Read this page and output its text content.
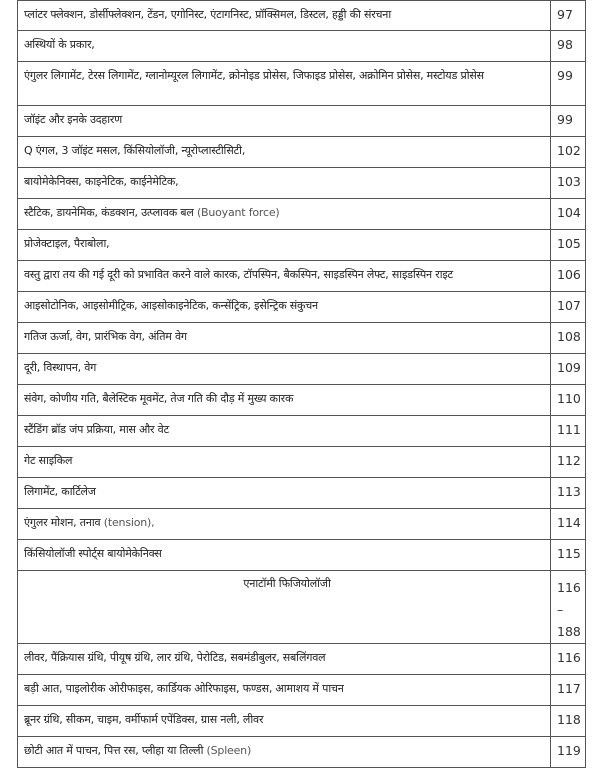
प्लांटर फ्लेक्शन, डोर्सीफ्लेक्शन, टेंडन, एगोनिस्ट, एंटागनिस्ट, प्रॉक्सिमल, डिस्टल, हड्डी की संरचना	97
अस्थियों के प्रकार,	98
एंगुलर लिगामेंट, टेरस लिगामेंट, ग्लानोम्यूरल लिगामेंट, क्रोनोइड प्रोसेस, जिफाइड प्रोसेस, अक्रोमिन प्रोसेस, मस्टोयड प्रोसेस	99
जॉइंट और इनके उदहारण	99
Q एंगल, 3 जॉइंट मसल, किंसियोलॉजी, न्यूरोप्लास्टीसिटी,	102
बायोमेकेनिक्स, काइनेटिक, काईनेमेटिक,	103
स्टैटिक, डायनेमिक, कंडक्शन, उत्प्लावक बल (Buoyant force)	104
प्रोजेक्टाइल, पैराबोला,	105
वस्तु द्वारा तय की गई दूरी को प्रभावित करने वाले कारक, टॉपस्पिन, बैकस्पिन, साइडस्पिन लेफ्ट, साइडस्पिन राइट	106
आइसोटोनिक, आइसोमीट्रिक, आइसोकाइनेटिक, कन्सेंट्रिक, इसेन्ट्रिक संकुचन	107
गतिज ऊर्जा, वेग, प्रारंभिक वेग, अंतिम वेग	108
दूरी, विस्थापन, वेग	109
संवेग, कोणीय गति, बैलेस्टिक मूवमेंट, तेज गति की दौड़ में मुख्य कारक	110
स्टैंडिंग ब्रॉड जंप प्रक्रिया, मास और वेट	111
गेट साइकिल	112
लिगामेंट, कार्टिलेज	113
एंगुलर मोशन, तनाव (tension),	114
किंसियोलॉजी स्पोर्ट्स बायोमेकेनिक्स	115
एनाटॉमी फिजियोलॉजी	116
–
188

लीवर, पैंक्रियास ग्रंथि, पीयूष ग्रंथि, लार ग्रंथि, पेरोटिड, सबमंडीबुलर, सबलिंगवल	116
बड़ी आत, पाइलोरीक ओरीफाइस, कार्डियक ओरिफाइस, फण्डस, आमाशय में पाचन	117
ब्रूनर ग्रंथि, सीकम, चाइम, वर्मीफार्म एपेंडिक्स, ग्रास नली, लीवर	118
छोटी आत में पाचन, पित्त रस, प्लीहा या तिल्ली (Spleen)	119
